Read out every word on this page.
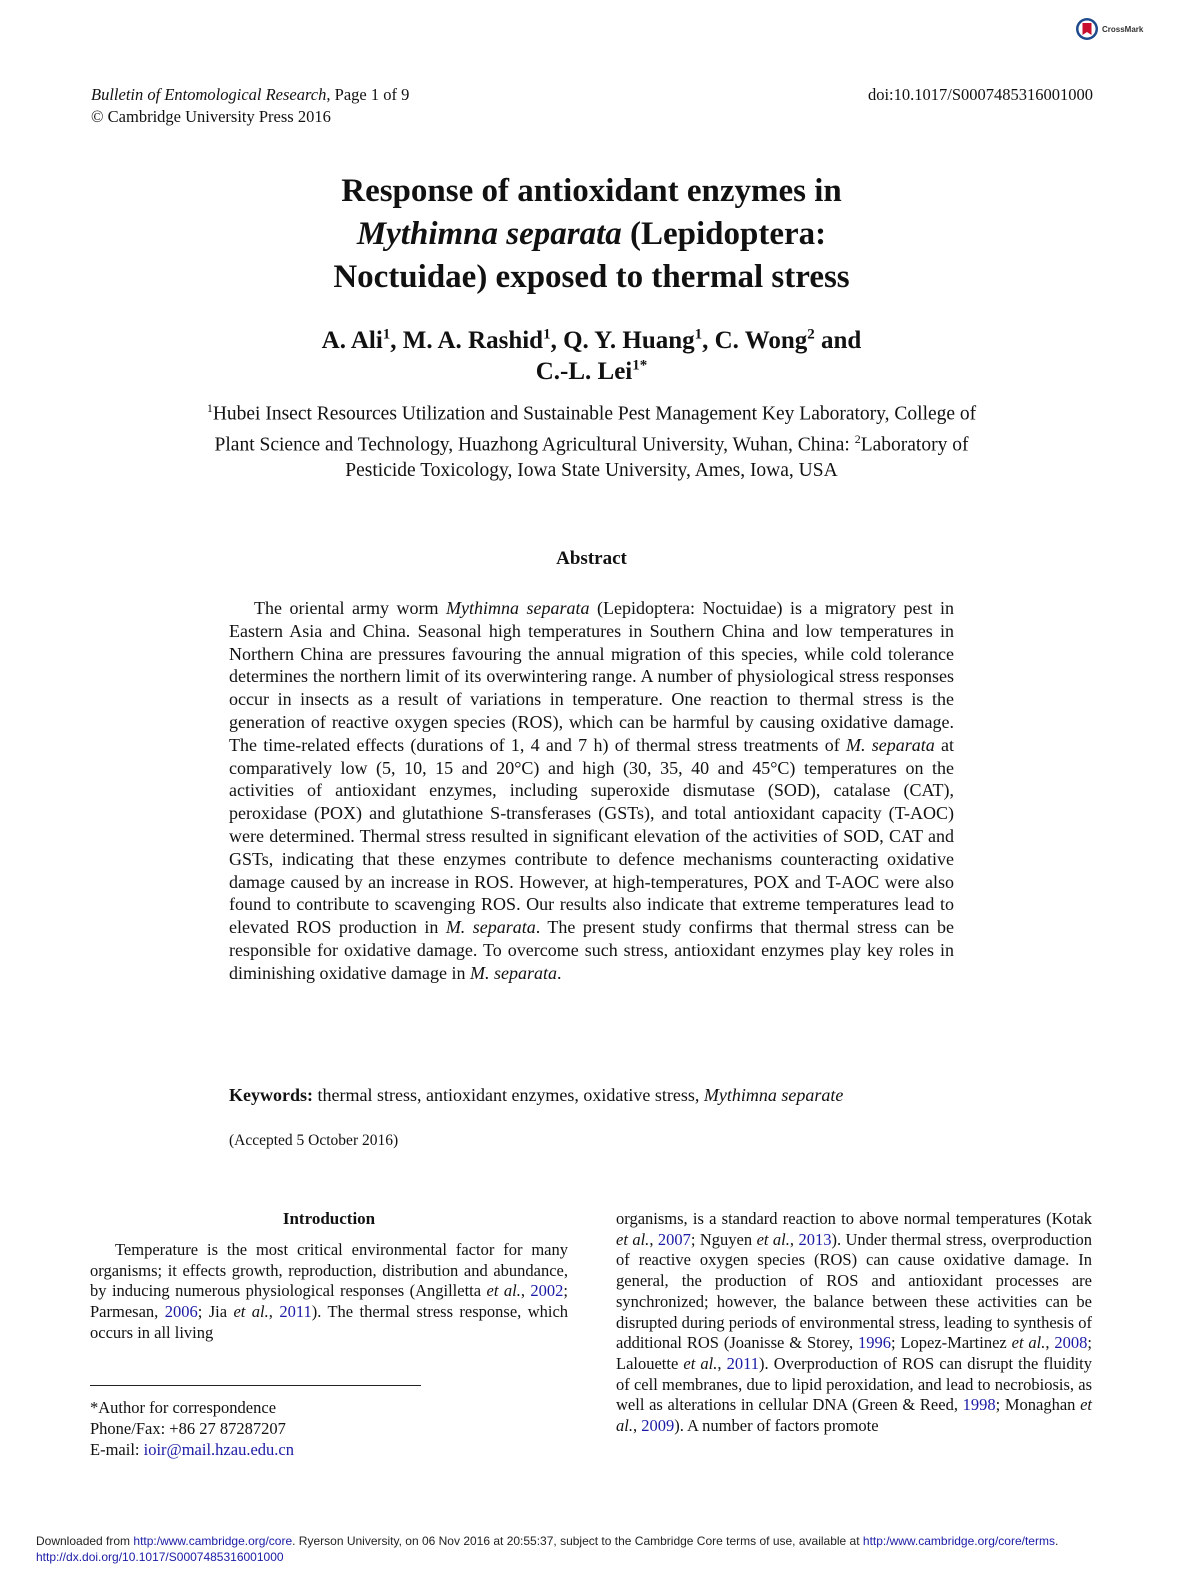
CrossMark
Bulletin of Entomological Research, Page 1 of 9
© Cambridge University Press 2016
doi:10.1017/S0007485316001000
Response of antioxidant enzymes in
Mythimna separata (Lepidoptera:
Noctuidae) exposed to thermal stress
A. Ali$^1$, M. A. Rashid$^1$, Q. Y. Huang$^1$, C. Wong$^2$ and
C.-L. Lei$^{1*}$
$^1$Hubei Insect Resources Utilization and Sustainable Pest Management Key Laboratory, College of Plant Science and Technology, Huazhong Agricultural University, Wuhan, China: $^2$Laboratory of Pesticide Toxicology, Iowa State University, Ames, Iowa, USA
Abstract

The oriental army worm Mythimna separata (Lepidoptera: Noctuidae) is a migratory pest in Eastern Asia and China. Seasonal high temperatures in Southern China and low temperatures in Northern China are pressures favouring the annual migration of this species, while cold tolerance determines the northern limit of its overwintering range. A number of physiological stress responses occur in insects as a result of variations in temperature. One reaction to thermal stress is the generation of reactive oxygen species (ROS), which can be harmful by causing oxidative damage. The time-related effects (durations of 1, 4 and 7 h) of thermal stress treatments of M. separata at comparatively low (5, 10, 15 and 20°C) and high (30, 35, 40 and 45°C) temperatures on the activities of antioxidant enzymes, including superoxide dismutase (SOD), catalase (CAT), peroxidase (POX) and glutathione S-transferases (GSTs), and total antioxidant capacity (T-AOC) were determined. Thermal stress resulted in significant elevation of the activities of SOD, CAT and GSTs, indicating that these enzymes contribute to defence mechanisms counteracting oxidative damage caused by an increase in ROS. However, at high-temperatures, POX and T-AOC were also found to contribute to scavenging ROS. Our results also indicate that extreme temperatures lead to elevated ROS production in M. separata. The present study confirms that thermal stress can be responsible for oxidative damage. To overcome such stress, antioxidant enzymes play key roles in diminishing oxidative damage in M. separata.

Keywords: thermal stress, antioxidant enzymes, oxidative stress, Mythimna separate
(Accepted 5 October 2016)
Introduction

Temperature is the most critical environmental factor for many organisms; it effects growth, reproduction, distribution and abundance, by inducing numerous physiological responses (Angilletta et al., 2002; Parmesan, 2006; Jia et al., 2011). The thermal stress response, which occurs in all living

organisms, is a standard reaction to above normal temperatures (Kotak et al., 2007; Nguyen et al., 2013). Under thermal stress, overproduction of reactive oxygen species (ROS) can cause oxidative damage. In general, the production of ROS and antioxidant processes are synchronized; however, the balance between these activities can be disrupted during periods of environmental stress, leading to synthesis of additional ROS (Joanisse & Storey, 1996; Lopez-Martinez et al., 2008; Lalouette et al., 2011). Overproduction of ROS can disrupt the fluidity of cell membranes, due to lipid peroxidation, and lead to necrobiosis, as well as alterations in cellular DNA (Green & Reed, 1998; Monaghan et al., 2009). A number of factors promote

*Author for correspondence
Phone/Fax: +86 27 87287207
E-mail: ioir@mail.hzau.edu.cn
Downloaded from http:/www.cambridge.org/core. Ryerson University, on 06 Nov 2016 at 20:55:37, subject to the Cambridge Core terms of use, available at http:/www.cambridge.org/core/terms.
http://dx.doi.org/10.1017/S0007485316001000
